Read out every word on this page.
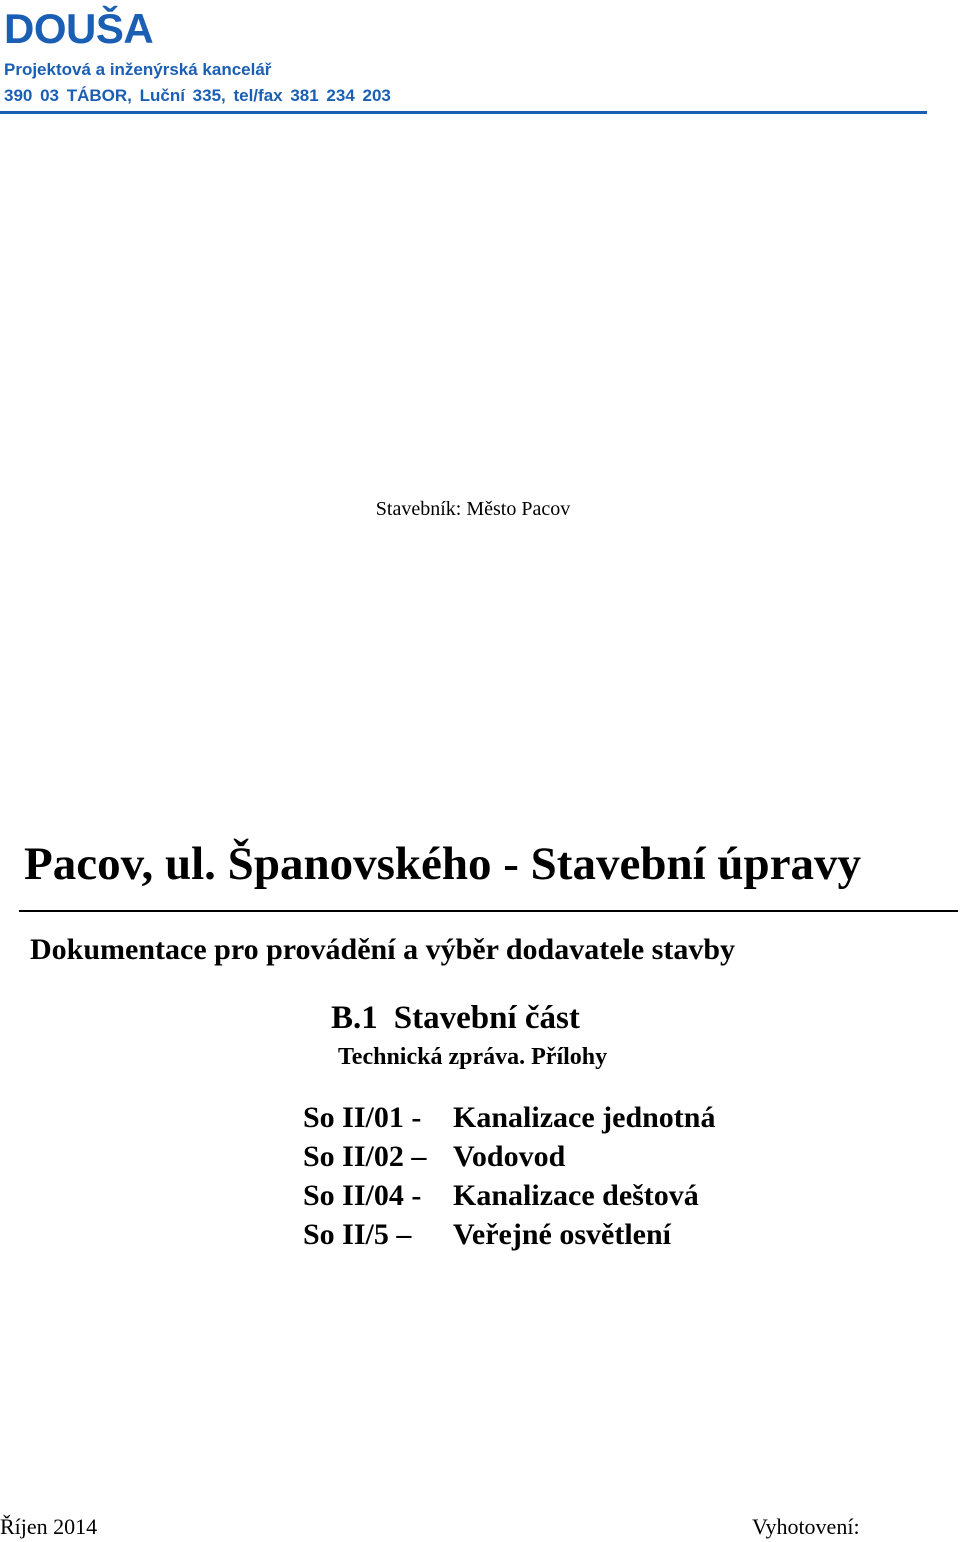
DOUŠA
Projektová a inženýrská kancelář
390 03 TÁBOR, Luční 335, tel/fax 381 234 203
Stavebník: Město Pacov
Pacov, ul. Španovského - Stavební úpravy
Dokumentace pro provádění a výběr dodavatele stavby
B.1 Stavební část
Technická zpráva. Přílohy
So II/01 -	Kanalizace jednotná
So II/02 – Vodovod
So II/04 -	Kanalizace deštová
So II/5 –	Veřejné osvětlení
Říjen 2014	Vyhotovení:
